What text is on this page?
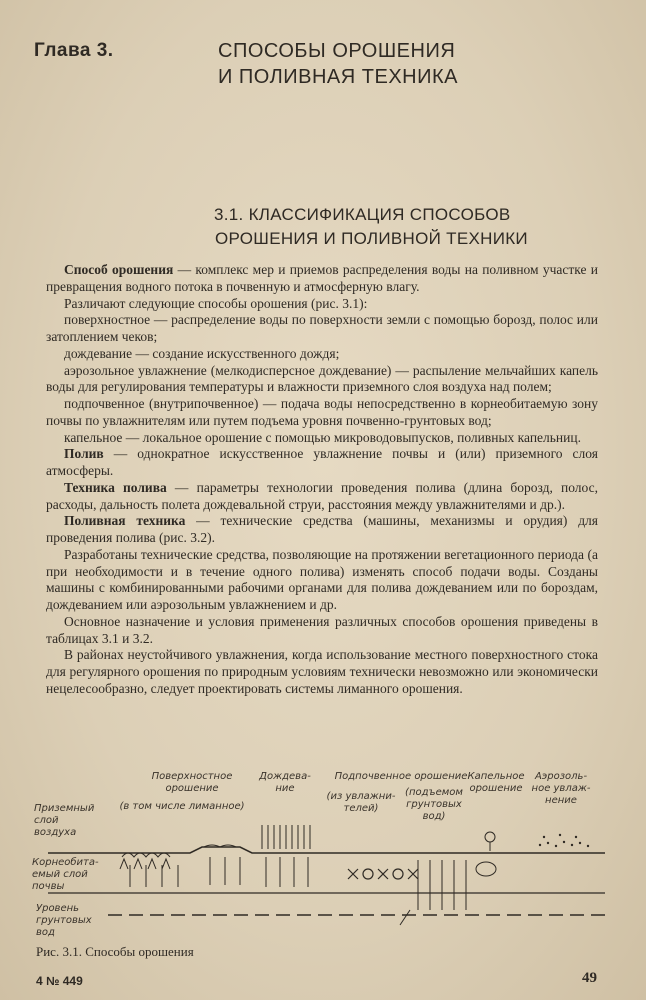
Глава 3.	СПОСОБЫ ОРОШЕНИЯ
И ПОЛИВНАЯ ТЕХНИКА
3.1. КЛАССИФИКАЦИЯ СПОСОБОВ
ОРОШЕНИЯ И ПОЛИВНОЙ ТЕХНИКИ

Способ орошения — комплекс мер и приемов распределения воды на поливном участке и превращения водного потока в почвенную и атмосферную влагу.

Различают следующие способы орошения (рис. 3.1):

поверхностное — распределение воды по поверхности земли с помощью борозд, полос или затоплением чеков;

дождевание — создание искусственного дождя;

аэрозольное увлажнение (мелкодисперсное дождевание) — распыление мельчайших капель воды для регулирования температуры и влажности приземного слоя воздуха над полем;

подпочвенное (внутрипочвенное) — подача воды непосредственно в корнеобитаемую зону почвы по увлажнителям или путем подъема уровня почвенно-грунтовых вод;

капельное — локальное орошение с помощью микроводовыпусков, поливных капельниц.

Полив — однократное искусственное увлажнение почвы и (или) приземного слоя атмосферы.

Техника полива — параметры технологии проведения полива (длина борозд, полос, расходы, дальность полета дождевальной струи, расстояния между увлажнителями и др.).

Поливная техника — технические средства (машины, механизмы и орудия) для проведения полива (рис. 3.2).

Разработаны технические средства, позволяющие на протяжении вегетационного периода (а при необходимости и в течение одного полива) изменять способ подачи воды. Созданы машины с комбинированными рабочими органами для полива дождеванием или по бороздам, дождеванием или аэрозольным увлажнением и др.

Основное назначение и условия применения различных способов орошения приведены в таблицах 3.1 и 3.2.

В районах неустойчивого увлажнения, когда использование местного поверхностного стока для регулярного орошения по природным условиям технически невозможно или экономически нецелесообразно, следует проектировать системы лиманного орошения.

Поверхностное
орошение
(в том числе лиманное)
Дождева-
ние
Подпочвенное орошение
(из увлажни-
телей)
(подъемом
грунтовых
вод)
Капельное
орошение
Аэрозоль-
ное увлаж-
нение
Приземный
слой
воздуха
Корнеобита-
емый слой
почвы
Уровень
грунтовых
вод
Рис. 3.1. Способы орошения
4 № 449	49
